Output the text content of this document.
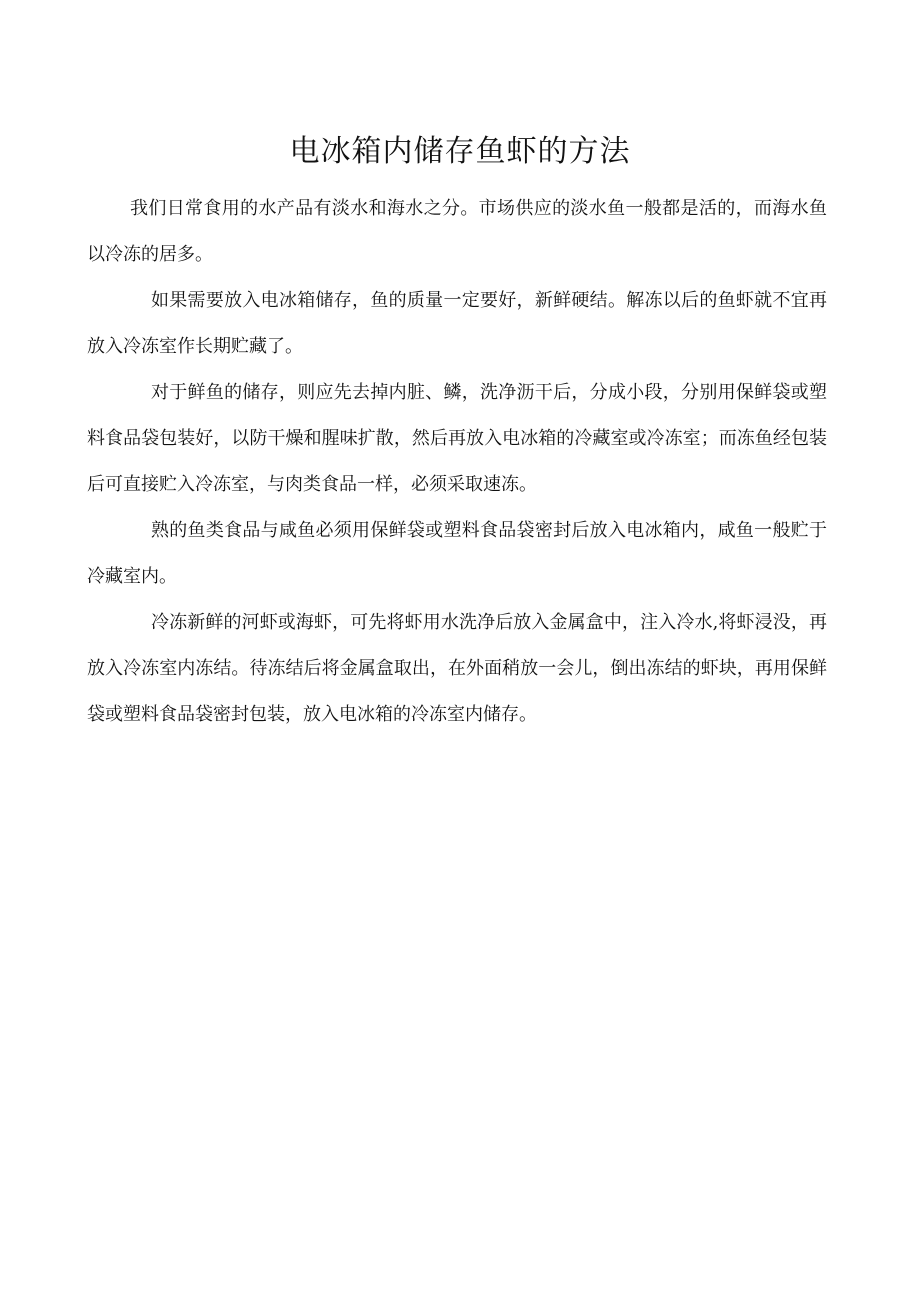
电冰箱内储存鱼虾的方法

我们日常食用的水产品有淡水和海水之分。市场供应的淡水鱼一般都是活的，而海水鱼以冷冻的居多。

如果需要放入电冰箱储存，鱼的质量一定要好，新鲜硬结。解冻以后的鱼虾就不宜再放入冷冻室作长期贮藏了。

对于鲜鱼的储存，则应先去掉内脏、鳞，洗净沥干后，分成小段，分别用保鲜袋或塑料食品袋包装好，以防干燥和腥味扩散，然后再放入电冰箱的冷藏室或冷冻室；而冻鱼经包装后可直接贮入冷冻室，与肉类食品一样，必须采取速冻。

熟的鱼类食品与咸鱼必须用保鲜袋或塑料食品袋密封后放入电冰箱内，咸鱼一般贮于冷藏室内。

冷冻新鲜的河虾或海虾，可先将虾用水洗净后放入金属盒中，注入冷水,将虾浸没，再放入冷冻室内冻结。待冻结后将金属盒取出，在外面稍放一会儿，倒出冻结的虾块，再用保鲜袋或塑料食品袋密封包装，放入电冰箱的冷冻室内储存。
